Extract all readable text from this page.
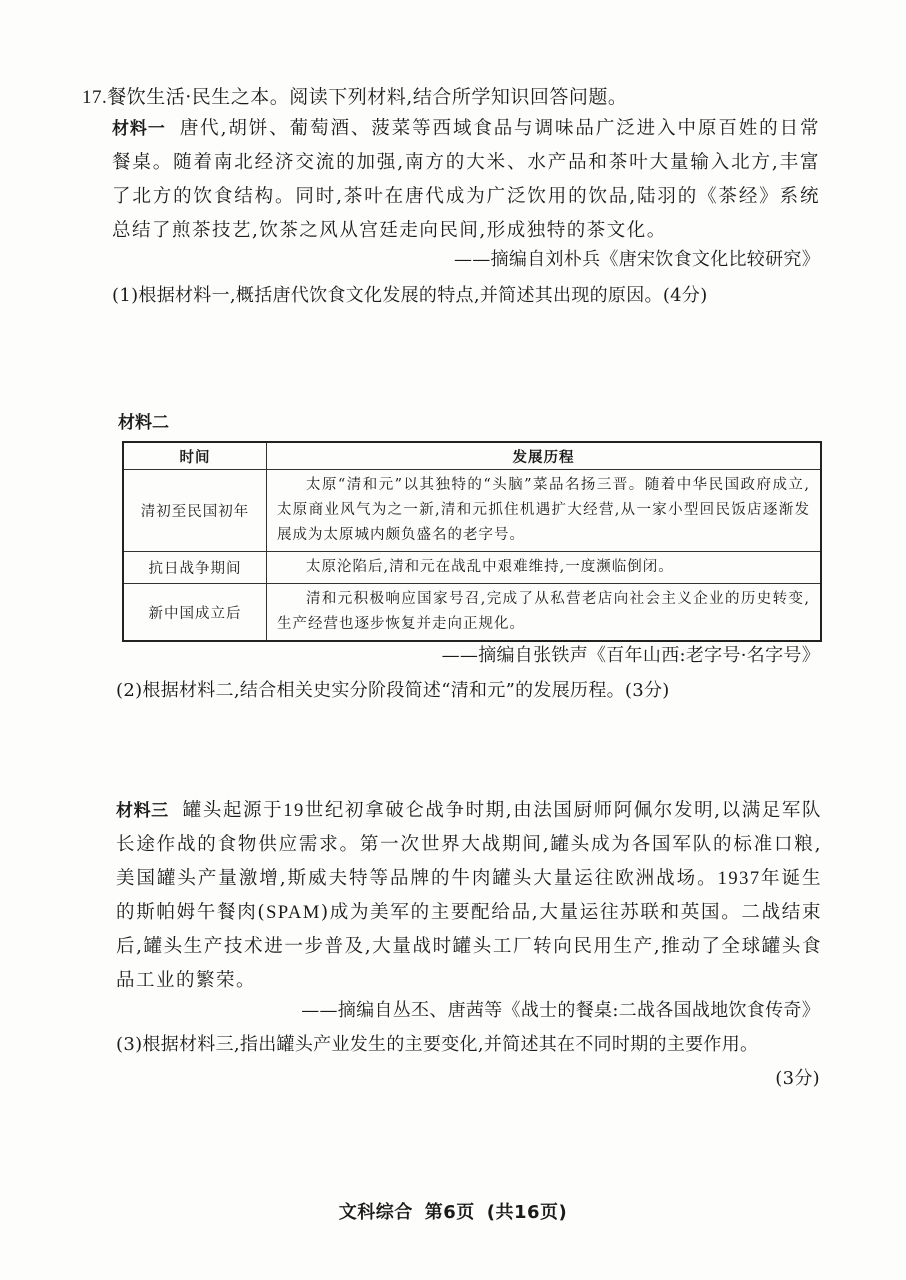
17.餐饮生活·民生之本。阅读下列材料,结合所学知识回答问题。
材料一 唐代,胡饼、葡萄酒、菠菜等西域食品与调味品广泛进入中原百姓的日常餐桌。随着南北经济交流的加强,南方的大米、水产品和茶叶大量输入北方,丰富了北方的饮食结构。同时,茶叶在唐代成为广泛饮用的饮品,陆羽的《茶经》系统总结了煎茶技艺,饮茶之风从宫廷走向民间,形成独特的茶文化。
——摘编自刘朴兵《唐宋饮食文化比较研究》
(1)根据材料一,概括唐代饮食文化发展的特点,并简述其出现的原因。(4分)
材料二
时间	发展历程
清初至民国初年	太原“清和元”以其独特的“头脑”菜品名扬三晋。随着中华民国政府成立,太原商业风气为之一新,清和元抓住机遇扩大经营,从一家小型回民饭店逐渐发展成为太原城内颇负盛名的老字号。
抗日战争期间	太原沦陷后,清和元在战乱中艰难维持,一度濒临倒闭。
新中国成立后	清和元积极响应国家号召,完成了从私营老店向社会主义企业的历史转变,生产经营也逐步恢复并走向正规化。
——摘编自张铁声《百年山西:老字号·名字号》
(2)根据材料二,结合相关史实分阶段简述“清和元”的发展历程。(3分)
材料三 罐头起源于19世纪初拿破仑战争时期,由法国厨师阿佩尔发明,以满足军队长途作战的食物供应需求。第一次世界大战期间,罐头成为各国军队的标准口粮,美国罐头产量激增,斯威夫特等品牌的牛肉罐头大量运往欧洲战场。1937年诞生的斯帕姆午餐肉(SPAM)成为美军的主要配给品,大量运往苏联和英国。二战结束后,罐头生产技术进一步普及,大量战时罐头工厂转向民用生产,推动了全球罐头食品工业的繁荣。
——摘编自丛丕、唐茜等《战士的餐桌:二战各国战地饮食传奇》
(3)根据材料三,指出罐头产业发生的主要变化,并简述其在不同时期的主要作用。
(3分)
文科综合 第6页 (共16页)
